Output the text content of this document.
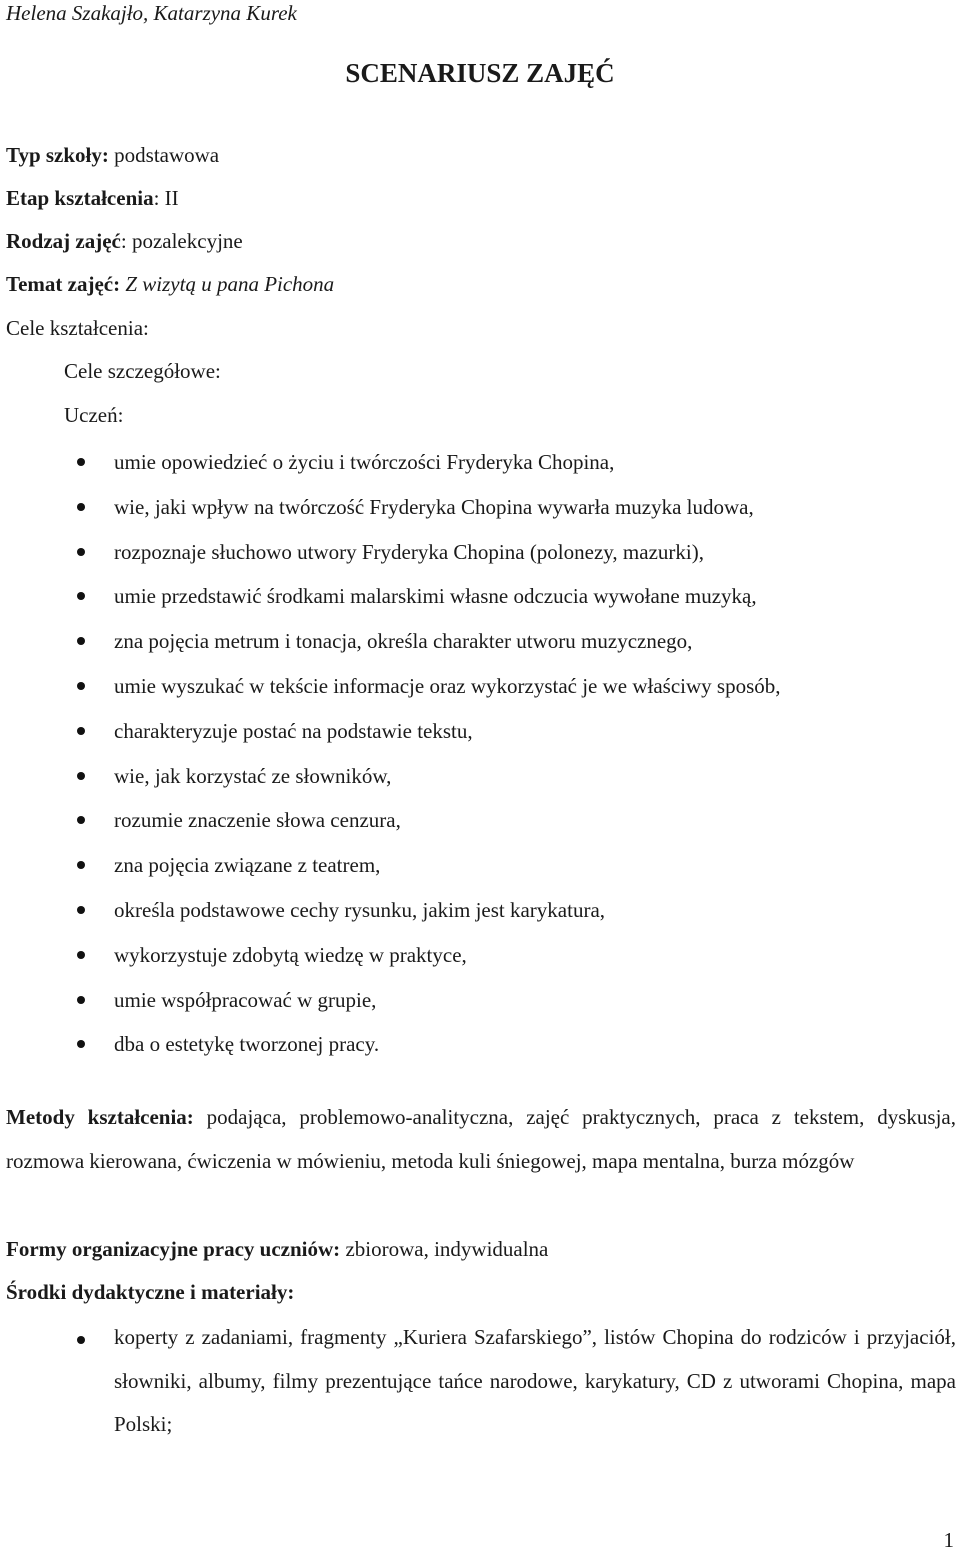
Helena Szakajło, Katarzyna Kurek
SCENARIUSZ ZAJĘĆ
Typ szkoły: podstawowa
Etap kształcenia: II
Rodzaj zajęć: pozalekcyjne
Temat zajęć: Z wizytą u pana Pichona
Cele kształcenia:
Cele szczegółowe:
Uczeń:
umie opowiedzieć o życiu i twórczości Fryderyka Chopina,
wie, jaki wpływ na twórczość Fryderyka Chopina wywarła muzyka ludowa,
rozpoznaje słuchowo utwory Fryderyka Chopina (polonezy, mazurki),
umie przedstawić środkami malarskimi własne odczucia wywołane muzyką,
zna pojęcia metrum i tonacja, określa charakter utworu muzycznego,
umie wyszukać w tekście informacje oraz wykorzystać je we właściwy sposób,
charakteryzuje postać na podstawie tekstu,
wie, jak korzystać ze słowników,
rozumie znaczenie słowa cenzura,
zna pojęcia związane z teatrem,
określa podstawowe cechy rysunku, jakim jest karykatura,
wykorzystuje zdobytą wiedzę w praktyce,
umie współpracować w grupie,
dba o estetykę tworzonej pracy.
Metody kształcenia: podająca, problemowo-analityczna, zajęć praktycznych, praca z tekstem, dyskusja, rozmowa kierowana, ćwiczenia w mówieniu, metoda kuli śniegowej, mapa mentalna, burza mózgów
Formy organizacyjne pracy uczniów: zbiorowa, indywidualna
Środki dydaktyczne i materiały:
koperty z zadaniami, fragmenty „Kuriera Szafarskiego”, listów Chopina do rodziców i przyjaciół, słowniki, albumy, filmy prezentujące tańce narodowe, karykatury, CD z utworami Chopina, mapa Polski;
1
